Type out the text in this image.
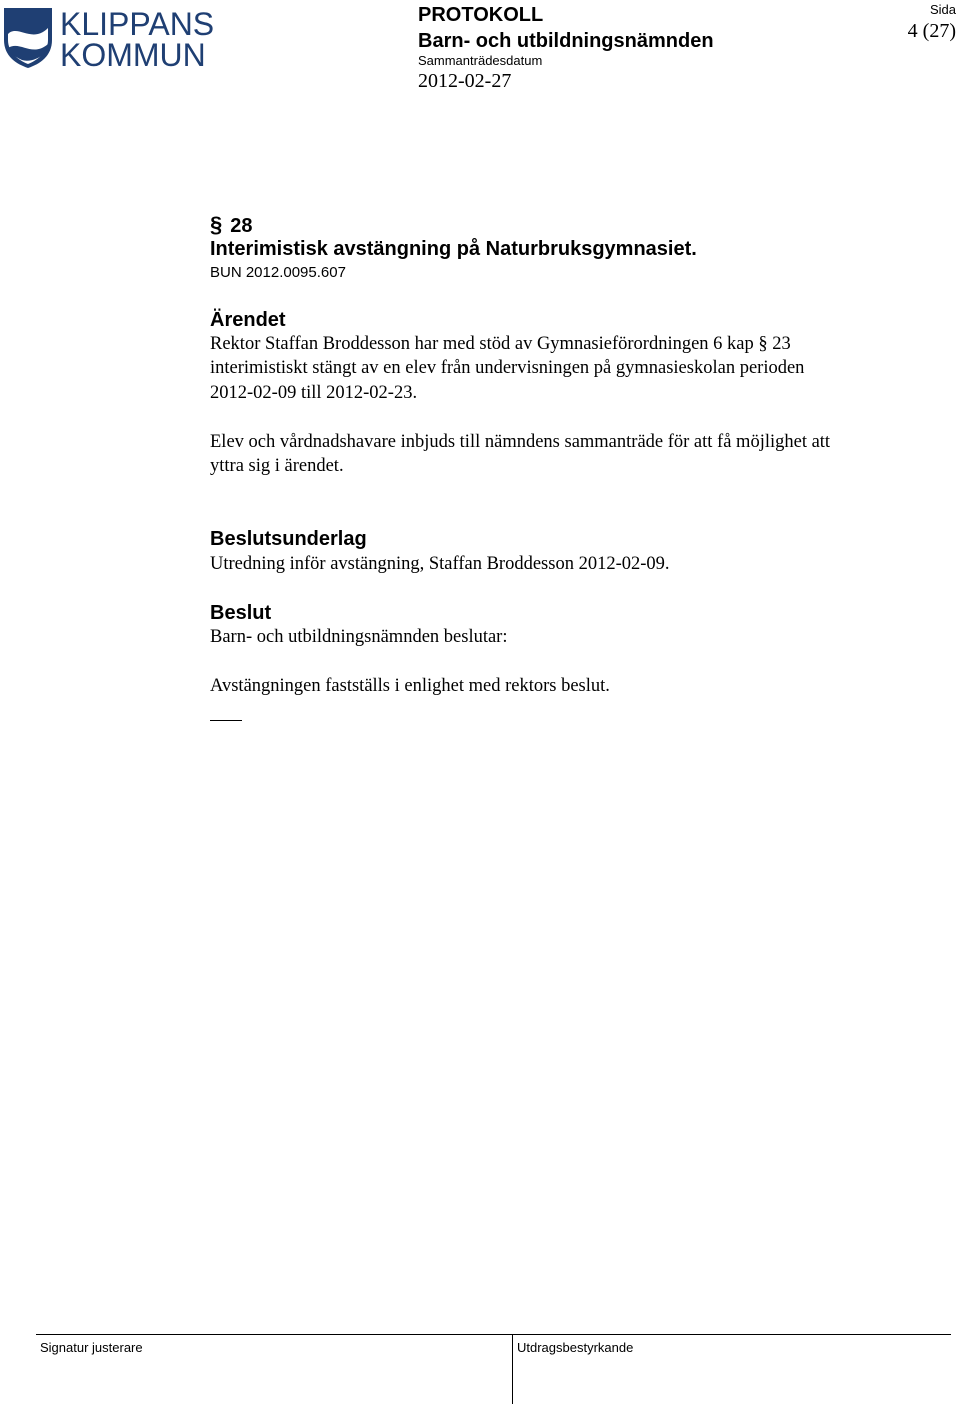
KLIPPANS
KOMMUN
PROTOKOLL
Barn- och utbildningsnämnden
Sammanträdesdatum
2012-02-27
Sida
4 (27)
§ 28
Interimistisk avstängning på Naturbruksgymnasiet.
BUN 2012.0095.607
Ärendet
Rektor Staffan Broddesson har med stöd av Gymnasieförordningen 6 kap § 23
interimistiskt stängt av en elev från undervisningen på gymnasieskolan perioden
2012-02-09 till 2012-02-23.
Elev och vårdnadshavare inbjuds till nämndens sammanträde för att få möjlighet att
yttra sig i ärendet.
Beslutsunderlag
Utredning inför avstängning, Staffan Broddesson 2012-02-09.
Beslut
Barn- och utbildningsnämnden beslutar:
Avstängningen fastställs i enlighet med rektors beslut.
Signatur justerare	Utdragsbestyrkande
